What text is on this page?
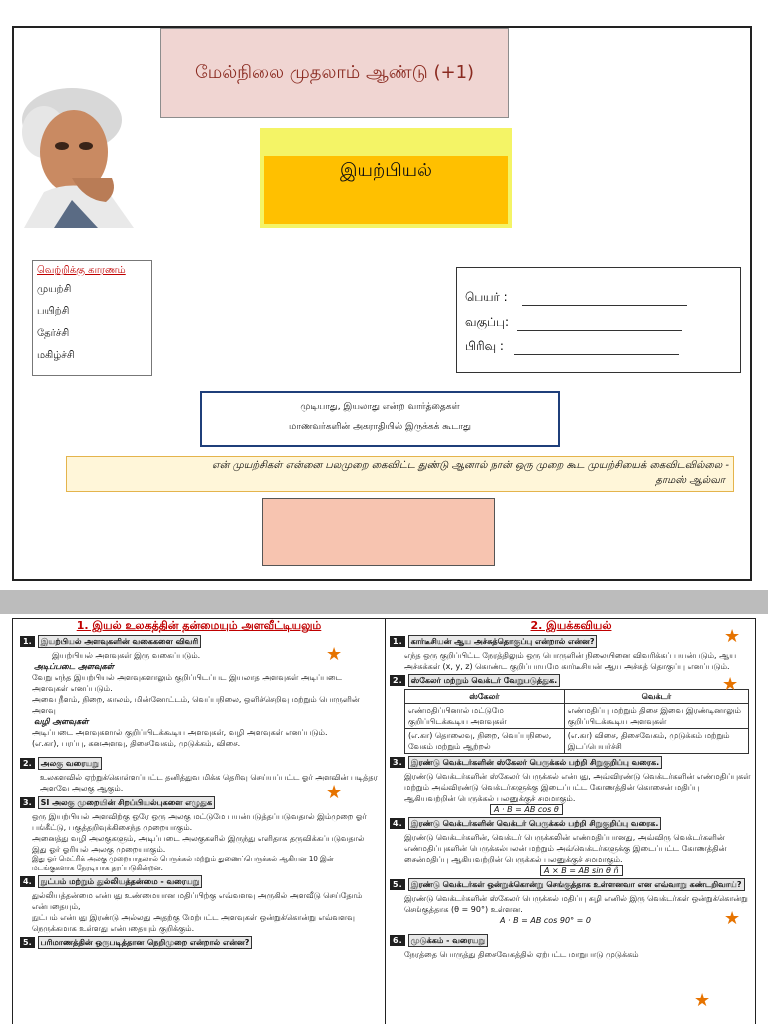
மேல்நிலை முதலாம் ஆண்டு (+1)
இயற்பியல்
வெற்றிக்கு காரணம்
முயற்சி
பயிற்சி
தேர்ச்சி
மகிழ்ச்சி
பெயர் :
வகுப்பு:
பிரிவு :
முடியாது, இயலாது என்ற வார்த்தைகள்
மாணவர்களின் அகராதியில் இருக்கக் கூடாது
என் முயற்சிகள் என்னை பலமுறை கைவிட்ட துண்டு ஆனால் நான் ஒரு முறை கூட முயற்சியைக் கைவிடவில்லை -
தாமஸ் ஆல்வா
1. இயல் உலகத்தின் தன்மையும் அளவீட்டியலும்
1.	இயற்பியல் அளவுகளின் வகைகளை விவரி
இயற்பியல் அளவுகள் இரு வகைப்படும்.
அடிப்படை அளவுகள்
வேறு எந்த இயற்பியல் அளவுகளாலும் குறிப்பிடப்பட இயலாத அளவுகள் அடிப்படை அளவுகள் எனப்படும்.
அவை நீளம், நிறை, காலம், மின்னோட்டம், வெப்பநிலை, ஒளிச்செறிவு மற்றும் பொருளின் அளவு
வழி அளவுகள்
அடிப்படை அளவுகளால் குறிப்பிடக்கூடிய அளவுகள், வழி அளவுகள் எனப்படும்.
(எ.கா), பரப்பு, கனஅளவு, திசைவேகம், முடுக்கம், விசை.
2.	அலகு வரையறு
உலகளவில் ஏற்றுக்கொள்ளப்பட்ட தனித்துவ மிக்க தெரிவு செய்யப்பட்ட ஓர் அளவின் படித்தர அளவே அலகு ஆகும்.
3.	SI அலகு முறையின் சிறப்பியல்புகளை எழுதுக
ஒரு இயற்பியல் அளவிற்கு ஒரே ஒரு அலகு மட்டுமே பயன்படுத்தப்படுவதால் இம்முறை ஓர் பங்கீட்டு, பகுத்தறிவுக்கிசைந்த முறையாகும்.
அனைத்து வழி அலகுகளும், அடிப்படை அலகுகளில் இருந்து எளிதாக தருவிக்கப்படுவதால் இது ஓர் ஓரியல் அலகு முறையாகும்.
இது ஓர் மெட்ரிக் அலகு முறையாதலால் பெருக்கல் மற்றும் துணைப்பெருக்கல் ஆகியன 10 இன் மடங்குகளாக நேரடியாக தரப்படுகின்றன.
4.	நுட்பம் மற்றும் துல்லியத்தன்மை - வரையறு
துல்லியத்தன்மை என்பது உண்மையான மதிப்பிற்கு எவ்வளவு அருகில் அளவீடு செய்தோம் என்பதையும்,
நுட்பம் என்பது இரண்டு அல்லது அதற்கு மேற்பட்ட அளவுகள் ஒன்றுக்கொன்று எவ்வளவு நெருக்கமாக உள்ளது என்பதையும் குறிக்கும்.
5.	பரிமாணத்தின் ஒருபடித்தான நெறிமுறை என்றால் என்ன?
★
★
2. இயக்கவியல்
1.	கார்டீசியன் ஆய அச்சுத்தொகுப்பு என்றால் என்ன?
எந்த ஒரு குறிப்பிட்ட நேரத்திலும் ஒரு பொருளின் நிலையினை விவரிக்கப் பயன்படும், ஆய அச்சுக்கள் (x, y, z) கொண்ட குறிப்பாயமே கார்டீசியன் ஆய அச்சுத் தொகுப்பு எனப்படும்.
2.	ஸ்கேலர் மற்றும் வெக்டர் வேறுபடுத்துக.
ஸ்கேலர்	வெக்டர்
எண்மதிப்பினால் மட்டுமே குறிப்பிடக்கூடிய அளவுகள்	எண்மதிப்பு மற்றும் திசை இவை இரண்டினாலும் குறிப்பிடக்கூடிய அளவுகள்
(எ.கா) தொலைவு, நிறை, வெப்பநிலை, வேகம் மற்றும் ஆற்றல்	(எ.கா) விசை, திசைவேகம், முடுக்கம் மற்றும் இடப்பெயர்ச்சி
3.	இரண்டு வெக்டர்களின் ஸ்கேலர் பெருக்கல் பற்றி சிறுகுறிப்பு வரைக.
இரண்டு வெக்டர்களின் ஸ்கேலர் பெருக்கல் என்பது, அவ்விரண்டு வெக்டர்களின் எண்மதிப்புகள் மற்றும் அவ்விரண்டு வெக்டர்களுக்கு இடைப்பட்ட கோணத்தின் கொசைன் மதிப்பு ஆகியவற்றின் பெருக்கல் பலனுக்குச் சமமாகும்.
A · B = AB cos θ
4.	இரண்டு வெக்டர்களின் வெக்டர் பெருக்கல் பற்றி சிறுகுறிப்பு வரைக.
இரண்டு வெக்டர்களின், வெக்டர் பெருக்கலின் எண்மதிப்பானது, அவ்விரு வெக்டர்களின் எண்மதிப்புகளின் பெருக்கல்பலன் மற்றும் அவ்வெக்டர்களுக்கு இடைப்பட்ட கோணத்தின் சைன்மதிப்பு ஆகியவற்றின் பெருக்கல் பலனுக்குச் சமமாகும்.
A × B = AB sin θ n̂
5.	இரண்டு வெக்டர்கள் ஒன்றுக்கொன்று செங்குத்தாக உள்ளனவா என எவ்வாறு கண்டறிவாய்?
இரண்டு வெக்டர்களின் ஸ்கேலர் பெருக்கல் மதிப்பு சுழி எனில் இரு வெக்டர்கள் ஒன்றுக்கொன்று செங்குத்தாக (θ = 90°) உள்ளன.
A · B = AB cos 90° = 0
6.	முடுக்கம் - வரையறு
நேரத்தை பொருத்து திசைவேகத்தில் ஏற்பட்ட மாறுபாடு முடுக்கம்
★
★
★
★
